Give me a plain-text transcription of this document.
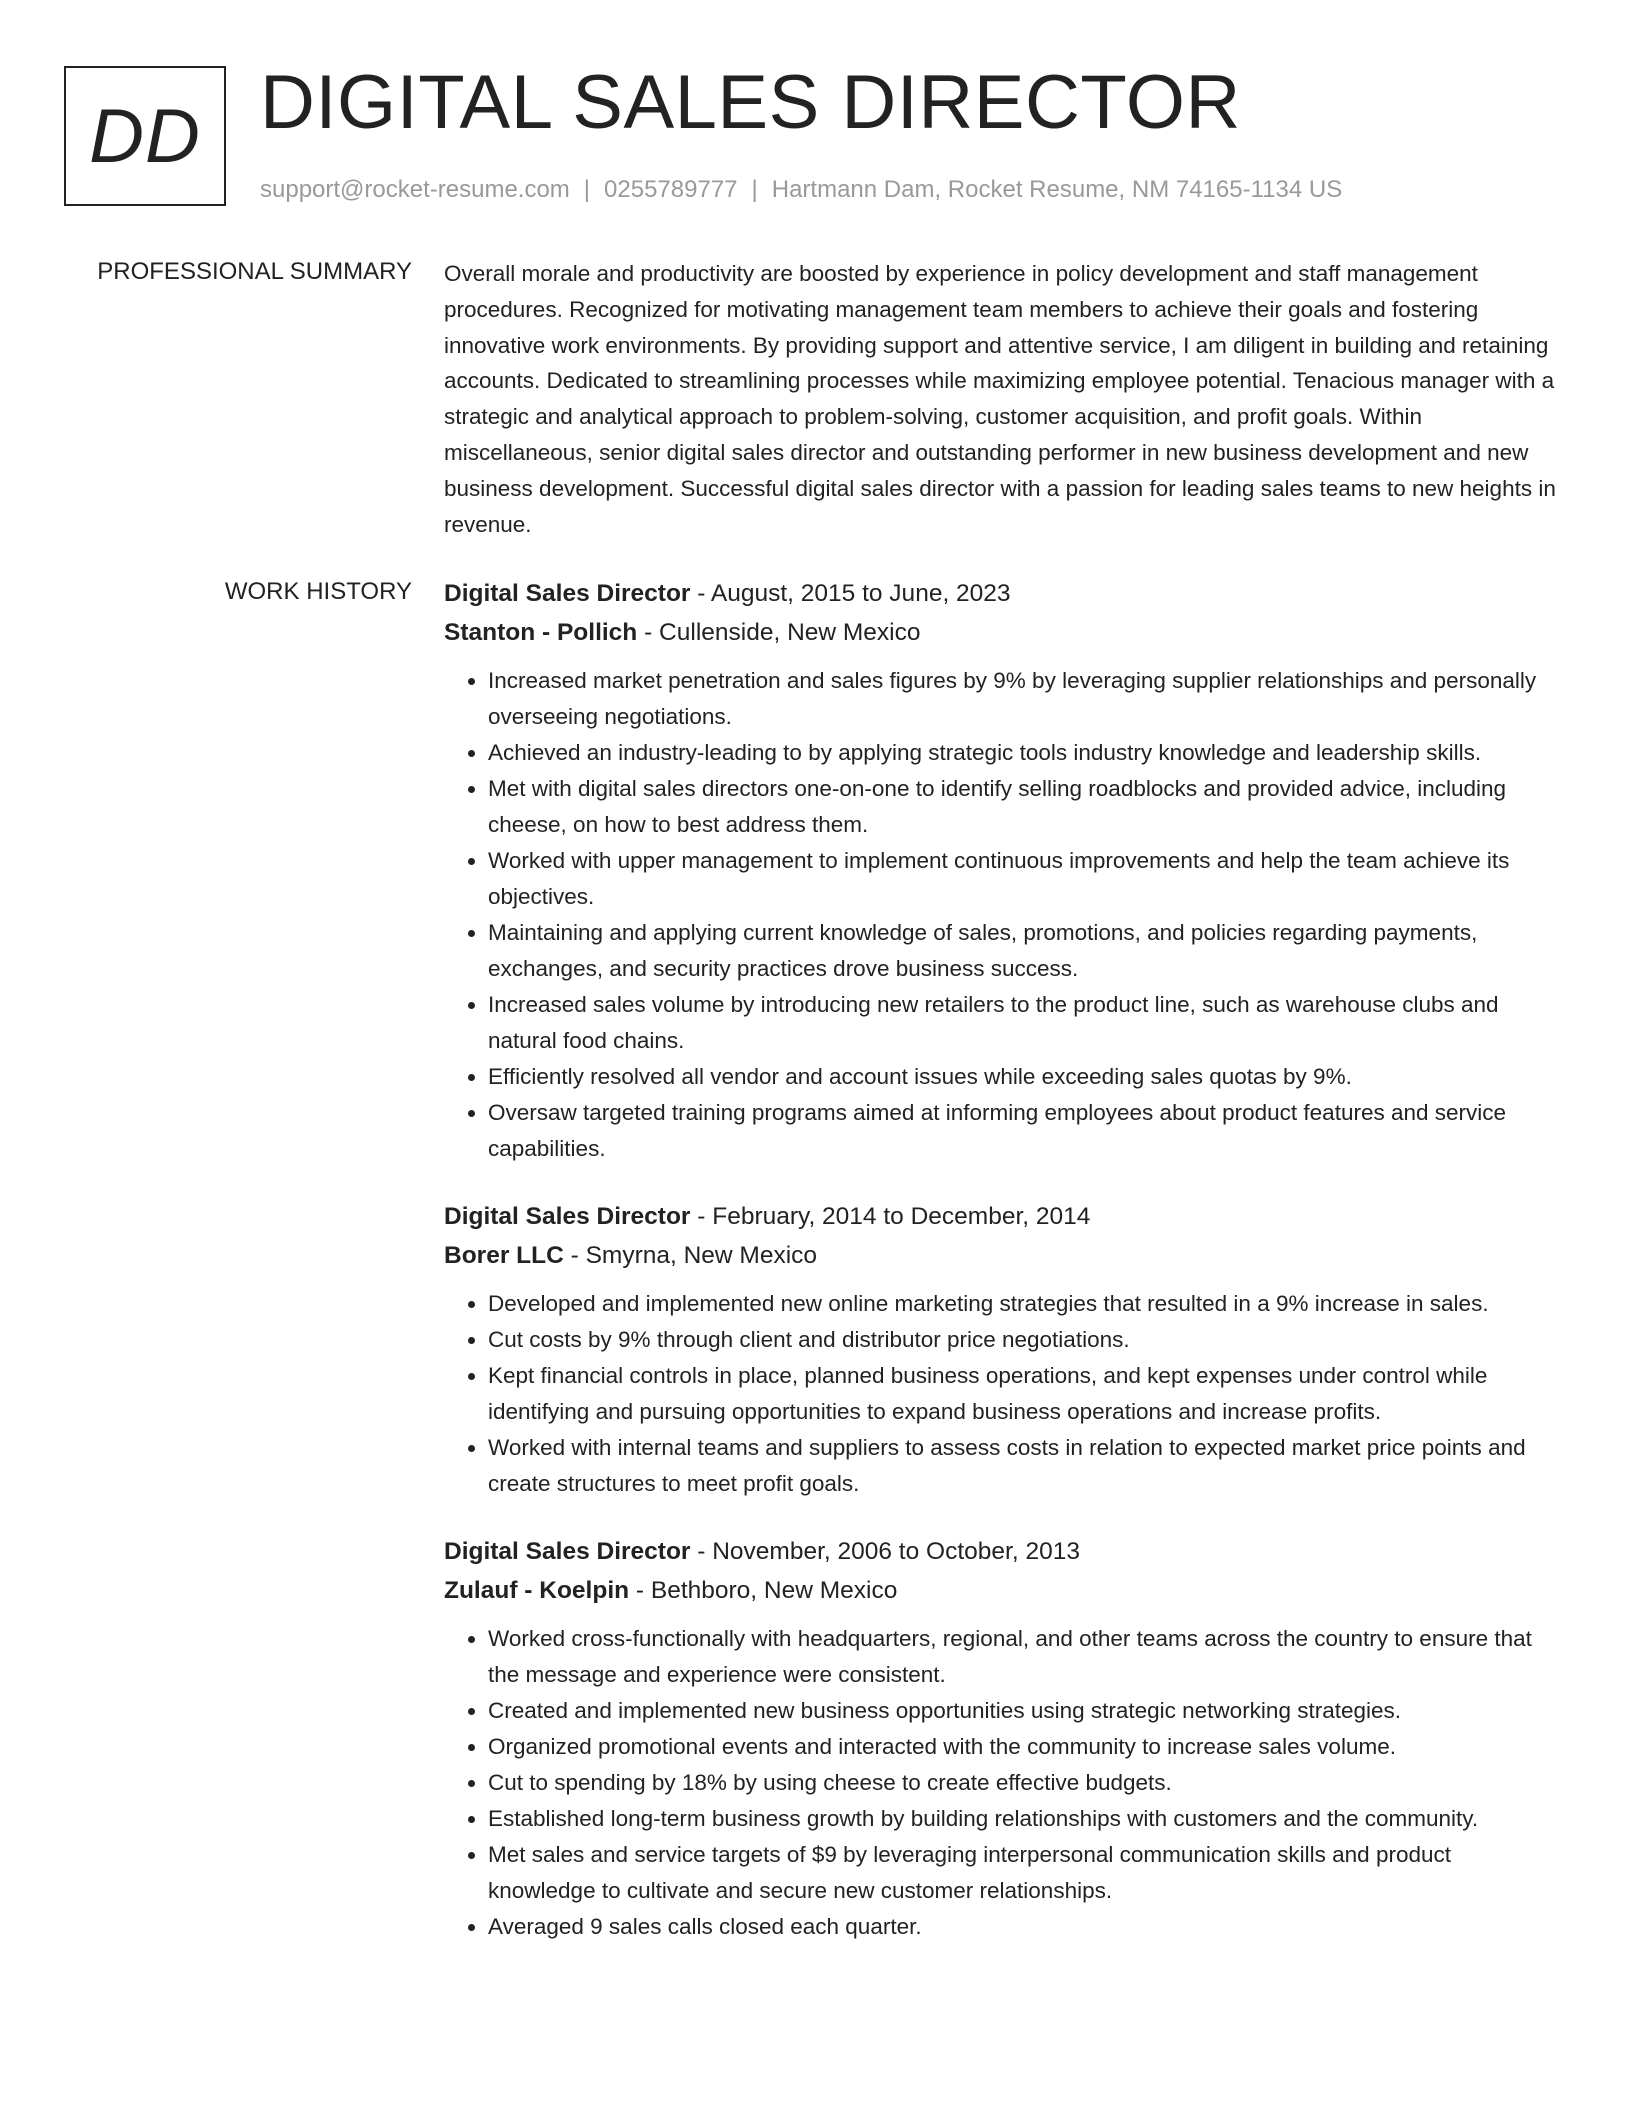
DD DIGITAL SALES DIRECTOR
support@rocket-resume.com | 0255789777 | Hartmann Dam, Rocket Resume, NM 74165-1134 US
PROFESSIONAL SUMMARY Overall morale and productivity are boosted by experience in policy development and staff management procedures. Recognized for motivating management team members to achieve their goals and fostering innovative work environments. By providing support and attentive service, I am diligent in building and retaining accounts. Dedicated to streamlining processes while maximizing employee potential. Tenacious manager with a strategic and analytical approach to problem-solving, customer acquisition, and profit goals. Within miscellaneous, senior digital sales director and outstanding performer in new business development and new business development. Successful digital sales director with a passion for leading sales teams to new heights in revenue.

WORK HISTORY Digital Sales Director - August, 2015 to June, 2023
Stanton - Pollich - Cullenside, New Mexico
• Increased market penetration and sales figures by 9% by leveraging supplier relationships and personally overseeing negotiations.
• Achieved an industry-leading to by applying strategic tools industry knowledge and leadership skills.
• Met with digital sales directors one-on-one to identify selling roadblocks and provided advice, including cheese, on how to best address them.
• Worked with upper management to implement continuous improvements and help the team achieve its objectives.
• Maintaining and applying current knowledge of sales, promotions, and policies regarding payments, exchanges, and security practices drove business success.
• Increased sales volume by introducing new retailers to the product line, such as warehouse clubs and natural food chains.
• Efficiently resolved all vendor and account issues while exceeding sales quotas by 9%.
• Oversaw targeted training programs aimed at informing employees about product features and service capabilities.
Digital Sales Director - February, 2014 to December, 2014
Borer LLC - Smyrna, New Mexico
• Developed and implemented new online marketing strategies that resulted in a 9% increase in sales.
• Cut costs by 9% through client and distributor price negotiations.
• Kept financial controls in place, planned business operations, and kept expenses under control while identifying and pursuing opportunities to expand business operations and increase profits.
• Worked with internal teams and suppliers to assess costs in relation to expected market price points and create structures to meet profit goals.
Digital Sales Director - November, 2006 to October, 2013
Zulauf - Koelpin - Bethboro, New Mexico
• Worked cross-functionally with headquarters, regional, and other teams across the country to ensure that the message and experience were consistent.
• Created and implemented new business opportunities using strategic networking strategies.
• Organized promotional events and interacted with the community to increase sales volume.
• Cut to spending by 18% by using cheese to create effective budgets.
• Established long-term business growth by building relationships with customers and the community.
• Met sales and service targets of $9 by leveraging interpersonal communication skills and product knowledge to cultivate and secure new customer relationships.
• Averaged 9 sales calls closed each quarter.
